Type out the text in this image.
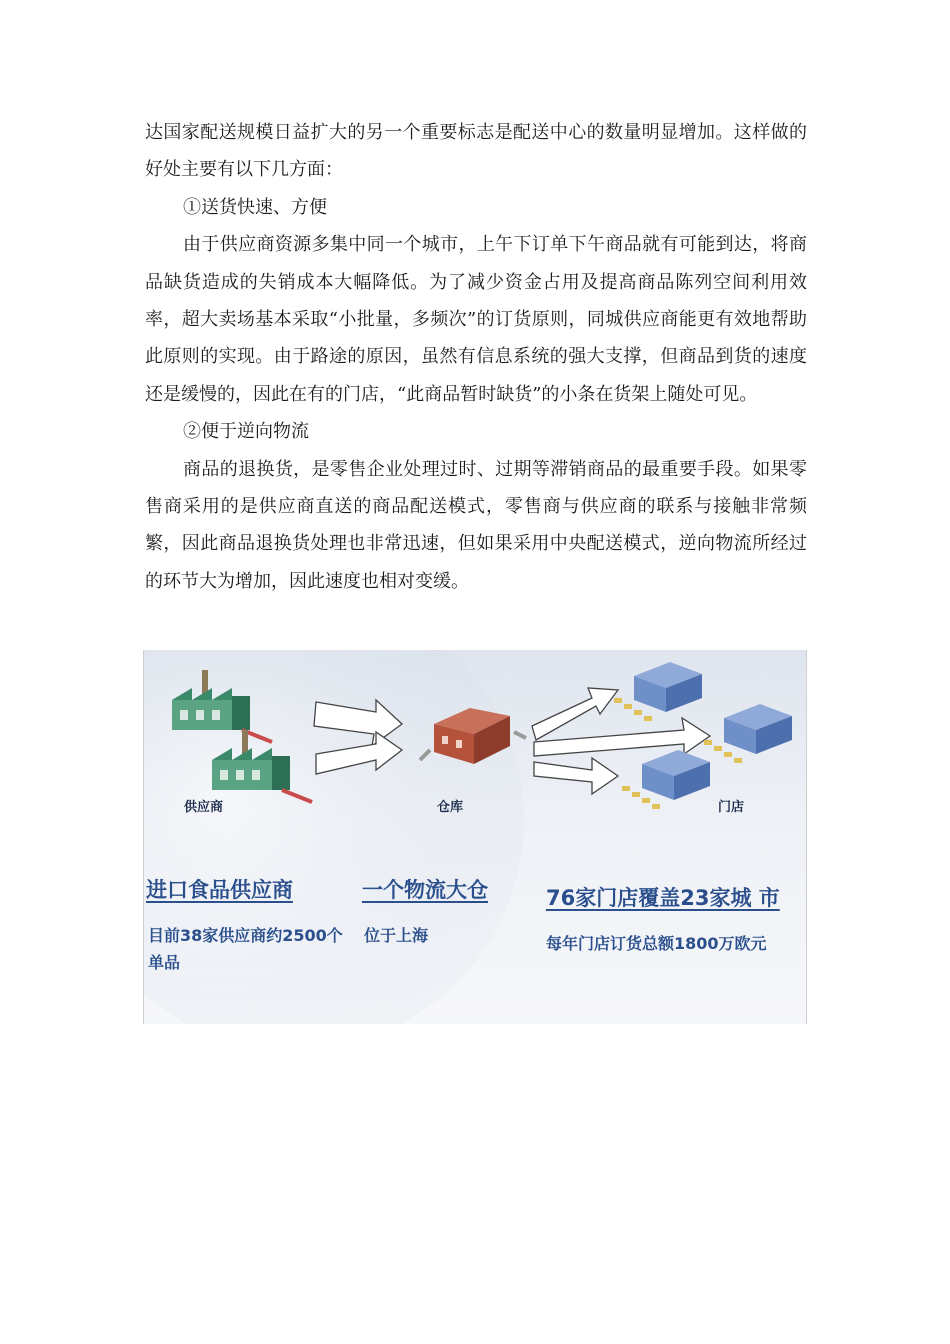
达国家配送规模日益扩大的另一个重要标志是配送中心的数量明显增加。这样做的好处主要有以下几方面：

①送货快速、方便

由于供应商资源多集中同一个城市，上午下订单下午商品就有可能到达，将商品缺货造成的失销成本大幅降低。为了减少资金占用及提高商品陈列空间利用效率，超大卖场基本采取“小批量，多频次”的订货原则，同城供应商能更有效地帮助此原则的实现。由于路途的原因，虽然有信息系统的强大支撑，但商品到货的速度还是缓慢的，因此在有的门店，“此商品暂时缺货”的小条在货架上随处可见。

②便于逆向物流

商品的退换货，是零售企业处理过时、过期等滞销商品的最重要手段。如果零售商采用的是供应商直送的商品配送模式，零售商与供应商的联系与接触非常频繁，因此商品退换货处理也非常迅速，但如果采用中央配送模式，逆向物流所经过的环节大为增加，因此速度也相对变缓。

供应商	仓库	门店
进口食品供应商
目前38家供应商约2500个单品
一个物流大仓
位于上海
76家门店覆盖23家城 市
每年门店订货总额1800万欧元
